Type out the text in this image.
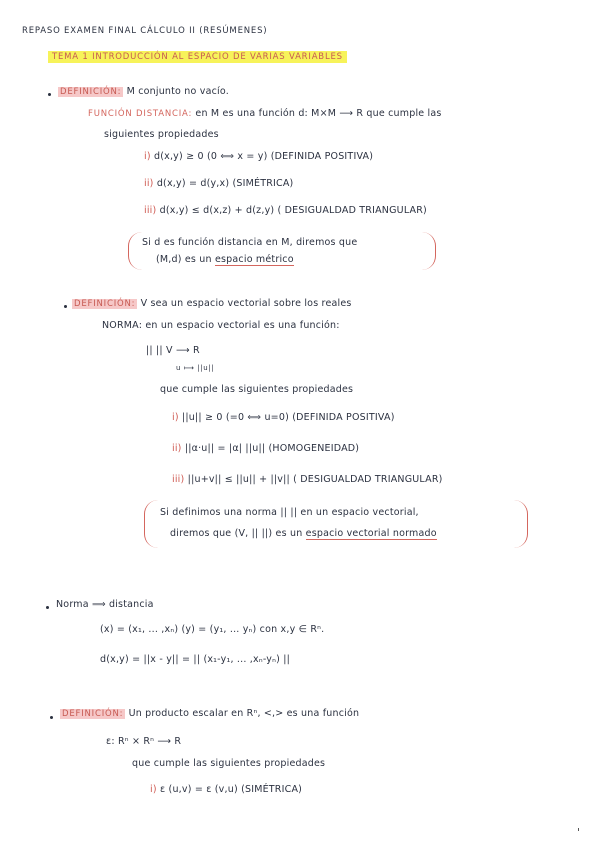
REPASO EXAMEN FINAL CÁLCULO II (RESÚMENES)
TEMA 1 INTRODUCCIÓN AL ESPACIO DE VARIAS VARIABLES
DEFINICIÓN: M conjunto no vacío.
FUNCIÓN DISTANCIA: en M es una función d: M×M ⟶ R que cumple las
siguientes propiedades
i) d(x,y) ≥ 0 (0 ⟺ x = y) (DEFINIDA POSITIVA)
ii) d(x,y) = d(y,x) (SIMÉTRICA)
iii) d(x,y) ≤ d(x,z) + d(z,y) ( DESIGUALDAD TRIANGULAR)
Si d es función distancia en M, diremos que
(M,d) es un espacio métrico
DEFINICIÓN: V sea un espacio vectorial sobre los reales
NORMA: en un espacio vectorial es una función:
|| || V ⟶ R
u ⟼ ||u||
que cumple las siguientes propiedades
i) ||u|| ≥ 0 (=0 ⟺ u=0) (DEFINIDA POSITIVA)
ii) ||α·u|| = |α| ||u|| (HOMOGENEIDAD)
iii) ||u+v|| ≤ ||u|| + ||v|| ( DESIGUALDAD TRIANGULAR)
Si definimos una norma || || en un espacio vectorial,
diremos que (V, || ||) es un espacio vectorial normado
Norma ⟹ distancia
(x) = (x₁, ... ,xₙ) (y) = (y₁, ... yₙ) con x,y ∈ Rⁿ.
d(x,y) = ||x - y|| = || (x₁-y₁, ... ,xₙ-yₙ) ||
DEFINICIÓN: Un producto escalar en Rⁿ, <,> es una función
ε: Rⁿ × Rⁿ ⟶ R
que cumple las siguientes propiedades
i) ε (u,v) = ε (v,u) (SIMÉTRICA)
